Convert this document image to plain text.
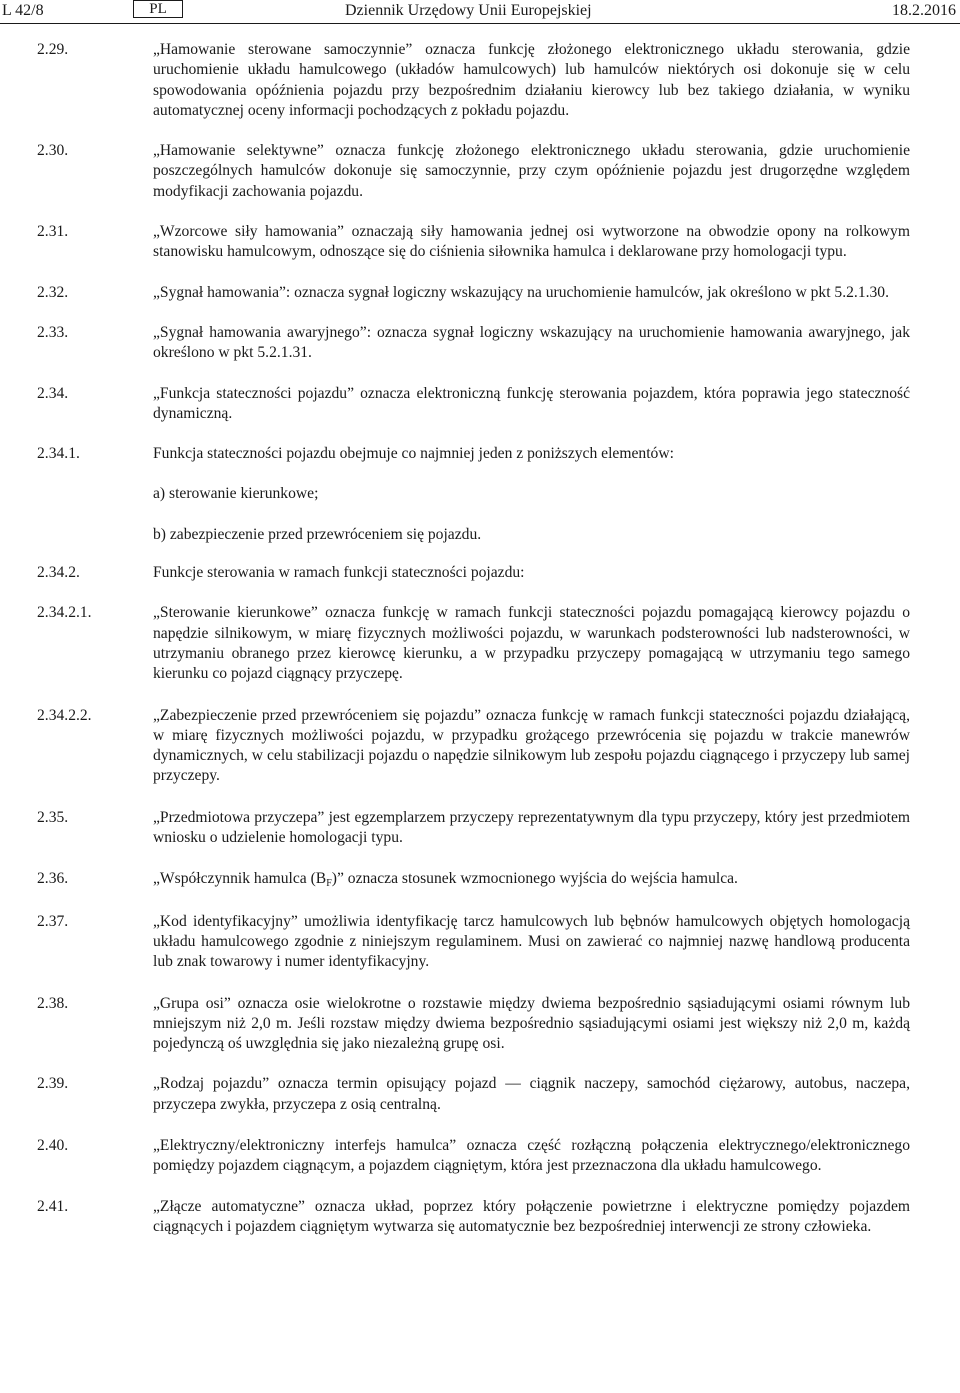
L 42/8	PL	Dziennik Urzędowy Unii Europejskiej	18.2.2016
2.29.	„Hamowanie sterowane samoczynnie” oznacza funkcję złożonego elektronicznego układu sterowania, gdzie uruchomienie układu hamulcowego (układów hamulcowych) lub hamulców niektórych osi dokonuje się w celu spowodowania opóźnienia pojazdu przy bezpośrednim działaniu kierowcy lub bez takiego działania, w wyniku automatycznej oceny informacji pochodzących z pokładu pojazdu.
2.30.	„Hamowanie selektywne” oznacza funkcję złożonego elektronicznego układu sterowania, gdzie uruchomienie poszczególnych hamulców dokonuje się samoczynnie, przy czym opóźnienie pojazdu jest drugorzędne względem modyfikacji zachowania pojazdu.
2.31.	„Wzorcowe siły hamowania” oznaczają siły hamowania jednej osi wytworzone na obwodzie opony na rolkowym stanowisku hamulcowym, odnoszące się do ciśnienia siłownika hamulca i deklarowane przy homologacji typu.
2.32.	„Sygnał hamowania”: oznacza sygnał logiczny wskazujący na uruchomienie hamulców, jak określono w pkt 5.2.1.30.
2.33.	„Sygnał hamowania awaryjnego”: oznacza sygnał logiczny wskazujący na uruchomienie hamowania awaryjnego, jak określono w pkt 5.2.1.31.
2.34.	„Funkcja stateczności pojazdu” oznacza elektroniczną funkcję sterowania pojazdem, która poprawia jego stateczność dynamiczną.
2.34.1.	Funkcja stateczności pojazdu obejmuje co najmniej jeden z poniższych elementów:
a) sterowanie kierunkowe;
b) zabezpieczenie przed przewróceniem się pojazdu.
2.34.2.	Funkcje sterowania w ramach funkcji stateczności pojazdu:
2.34.2.1.	„Sterowanie kierunkowe” oznacza funkcję w ramach funkcji stateczności pojazdu pomagającą kierowcy pojazdu o napędzie silnikowym, w miarę fizycznych możliwości pojazdu, w warunkach podsterowności lub nadsterowności, w utrzymaniu obranego przez kierowcę kierunku, a w przypadku przyczepy pomagającą w utrzymaniu tego samego kierunku co pojazd ciągnący przyczepę.
2.34.2.2.	„Zabezpieczenie przed przewróceniem się pojazdu” oznacza funkcję w ramach funkcji stateczności pojazdu działającą, w miarę fizycznych możliwości pojazdu, w przypadku grożącego przewrócenia się pojazdu w trakcie manewrów dynamicznych, w celu stabilizacji pojazdu o napędzie silnikowym lub zespołu pojazdu ciągnącego i przyczepy lub samej przyczepy.
2.35.	„Przedmiotowa przyczepa” jest egzemplarzem przyczepy reprezentatywnym dla typu przyczepy, który jest przedmiotem wniosku o udzielenie homologacji typu.
2.36.	„Współczynnik hamulca (BF)” oznacza stosunek wzmocnionego wyjścia do wejścia hamulca.
2.37.	„Kod identyfikacyjny” umożliwia identyfikację tarcz hamulcowych lub bębnów hamulcowych objętych homologacją układu hamulcowego zgodnie z niniejszym regulaminem. Musi on zawierać co najmniej nazwę handlową producenta lub znak towarowy i numer identyfikacyjny.
2.38.	„Grupa osi” oznacza osie wielokrotne o rozstawie między dwiema bezpośrednio sąsiadującymi osiami równym lub mniejszym niż 2,0 m. Jeśli rozstaw między dwiema bezpośrednio sąsiadującymi osiami jest większy niż 2,0 m, każdą pojedynczą oś uwzględnia się jako niezależną grupę osi.
2.39.	„Rodzaj pojazdu” oznacza termin opisujący pojazd — ciągnik naczepy, samochód ciężarowy, autobus, naczepa, przyczepa zwykła, przyczepa z osią centralną.
2.40.	„Elektryczny/elektroniczny interfejs hamulca” oznacza część rozłączną połączenia elektrycznego/elektronicznego pomiędzy pojazdem ciągnącym, a pojazdem ciągniętym, która jest przeznaczona dla układu hamulcowego.
2.41.	„Złącze automatyczne” oznacza układ, poprzez który połączenie powietrzne i elektryczne pomiędzy pojazdem ciągnących i pojazdem ciągniętym wytwarza się automatycznie bez bezpośredniej interwencji ze strony człowieka.
